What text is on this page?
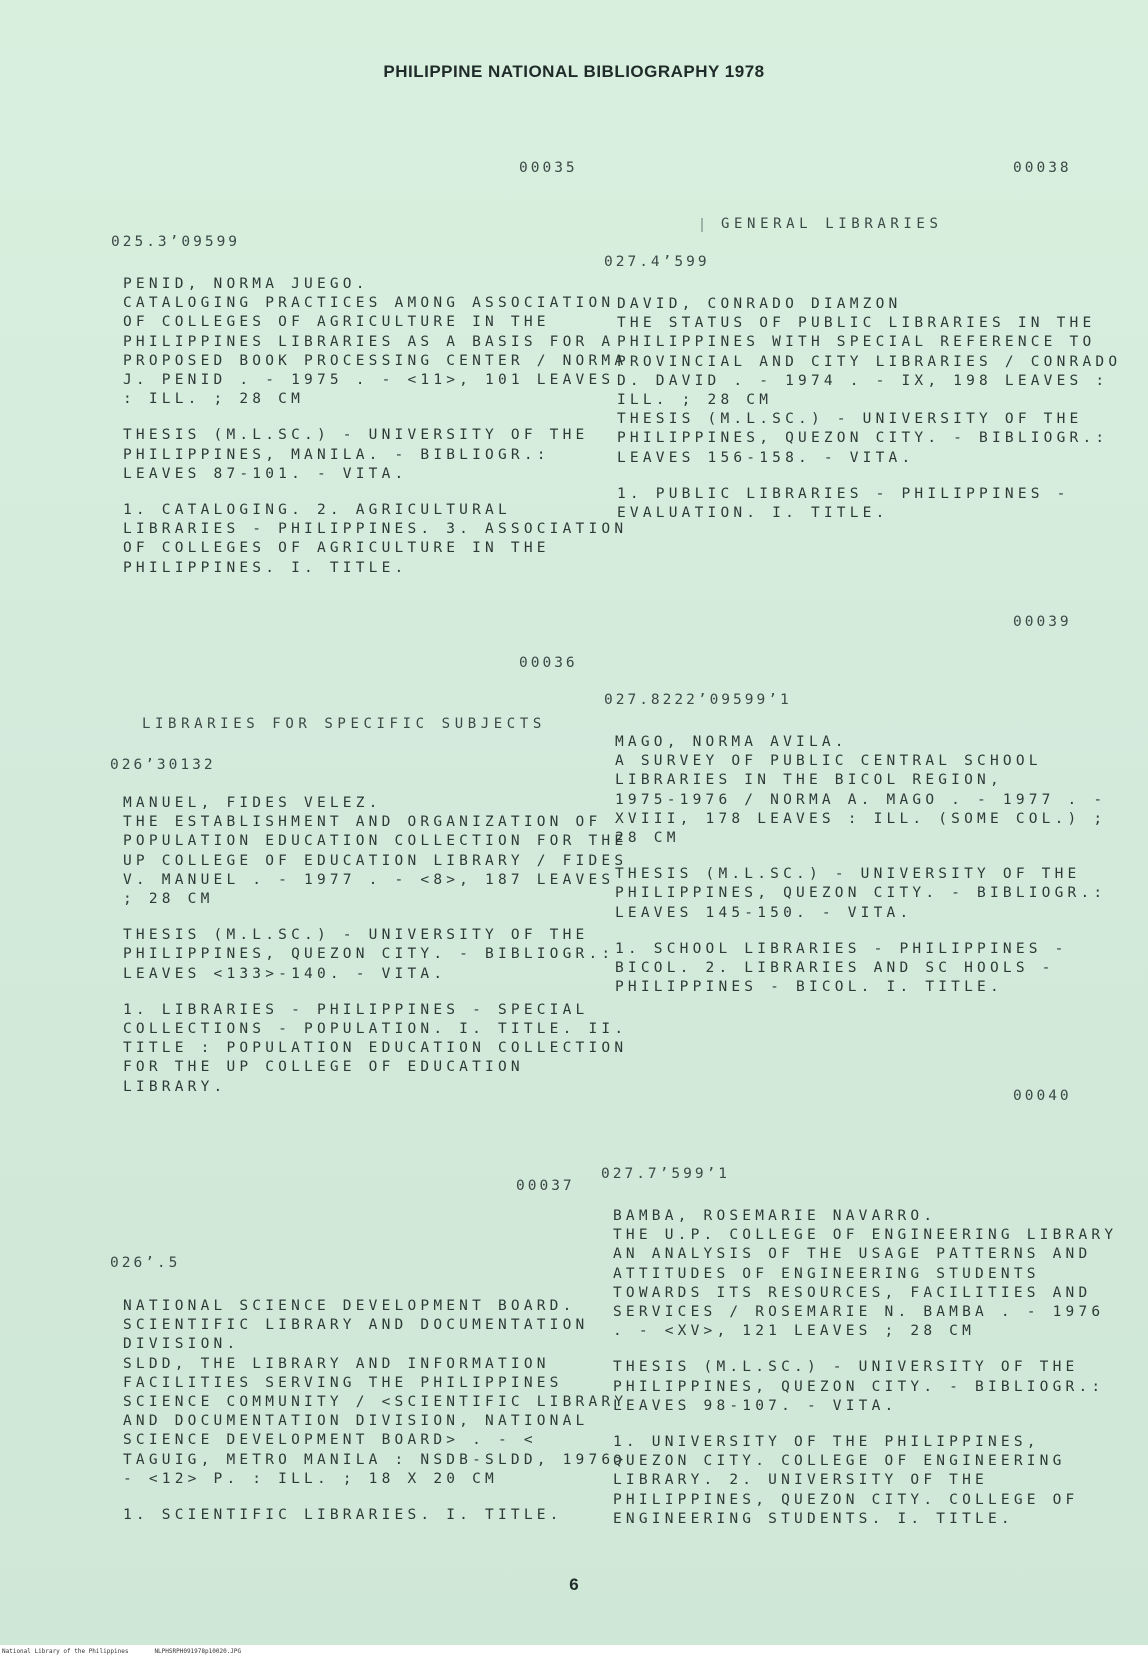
PHILIPPINE NATIONAL BIBLIOGRAPHY 1978
00035
025.3’09599

PENID, NORMA JUEGO.
CATALOGING PRACTICES AMONG ASSOCIATION
OF COLLEGES OF AGRICULTURE IN THE
PHILIPPINES LIBRARIES AS A BASIS FOR A
PROPOSED BOOK PROCESSING CENTER / NORMA
J. PENID . - 1975 . - <11>, 101 LEAVES
: ILL. ; 28 CM

THESIS (M.L.SC.) - UNIVERSITY OF THE
PHILIPPINES, MANILA. - BIBLIOGR.:
LEAVES 87-101. - VITA.

1. CATALOGING. 2. AGRICULTURAL
LIBRARIES - PHILIPPINES. 3. ASSOCIATION
OF COLLEGES OF AGRICULTURE IN THE
PHILIPPINES. I. TITLE.

00036
LIBRARIES FOR SPECIFIC SUBJECTS
026’30132

MANUEL, FIDES VELEZ.
THE ESTABLISHMENT AND ORGANIZATION OF
POPULATION EDUCATION COLLECTION FOR THE
UP COLLEGE OF EDUCATION LIBRARY / FIDES
V. MANUEL . - 1977 . - <8>, 187 LEAVES
; 28 CM

THESIS (M.L.SC.) - UNIVERSITY OF THE
PHILIPPINES, QUEZON CITY. - BIBLIOGR.:
LEAVES <133>-140. - VITA.

1. LIBRARIES - PHILIPPINES - SPECIAL
COLLECTIONS - POPULATION. I. TITLE. II.
TITLE : POPULATION EDUCATION COLLECTION
FOR THE UP COLLEGE OF EDUCATION
LIBRARY.

00037
026’.5

NATIONAL SCIENCE DEVELOPMENT BOARD.
SCIENTIFIC LIBRARY AND DOCUMENTATION
DIVISION.
SLDD, THE LIBRARY AND INFORMATION
FACILITIES SERVING THE PHILIPPINES
SCIENCE COMMUNITY / <SCIENTIFIC LIBRARY
AND DOCUMENTATION DIVISION, NATIONAL
SCIENCE DEVELOPMENT BOARD> . - <
TAGUIG, METRO MANILA : NSDB-SLDD, 1976>
- <12> P. : ILL. ; 18 X 20 CM

1. SCIENTIFIC LIBRARIES. I. TITLE.

00038
GENERAL LIBRARIES
027.4’599

DAVID, CONRADO DIAMZON
THE STATUS OF PUBLIC LIBRARIES IN THE
PHILIPPINES WITH SPECIAL REFERENCE TO
PROVINCIAL AND CITY LIBRARIES / CONRADO
D. DAVID . - 1974 . - IX, 198 LEAVES :
ILL. ; 28 CM
THESIS (M.L.SC.) - UNIVERSITY OF THE
PHILIPPINES, QUEZON CITY. - BIBLIOGR.:
LEAVES 156-158. - VITA.

1. PUBLIC LIBRARIES - PHILIPPINES -
EVALUATION. I. TITLE.

00039
027.8222’09599’1

MAGO, NORMA AVILA.
A SURVEY OF PUBLIC CENTRAL SCHOOL
LIBRARIES IN THE BICOL REGION,
1975-1976 / NORMA A. MAGO . - 1977 . -
XVIII, 178 LEAVES : ILL. (SOME COL.) ;
28 CM

THESIS (M.L.SC.) - UNIVERSITY OF THE
PHILIPPINES, QUEZON CITY. - BIBLIOGR.:
LEAVES 145-150. - VITA.

1. SCHOOL LIBRARIES - PHILIPPINES -
BICOL. 2. LIBRARIES AND SC HOOLS -
PHILIPPINES - BICOL. I. TITLE.

00040
027.7’599’1

BAMBA, ROSEMARIE NAVARRO.
THE U.P. COLLEGE OF ENGINEERING LIBRARY
AN ANALYSIS OF THE USAGE PATTERNS AND
ATTITUDES OF ENGINEERING STUDENTS
TOWARDS ITS RESOURCES, FACILITIES AND
SERVICES / ROSEMARIE N. BAMBA . - 1976
. - <XV>, 121 LEAVES ; 28 CM

THESIS (M.L.SC.) - UNIVERSITY OF THE
PHILIPPINES, QUEZON CITY. - BIBLIOGR.:
LEAVES 98-107. - VITA.

1. UNIVERSITY OF THE PHILIPPINES,
QUEZON CITY. COLLEGE OF ENGINEERING
LIBRARY. 2. UNIVERSITY OF THE
PHILIPPINES, QUEZON CITY. COLLEGE OF
ENGINEERING STUDENTS. I. TITLE.

6
National Library of the Philippines	NLPHSRPH091978p10020.JPG
